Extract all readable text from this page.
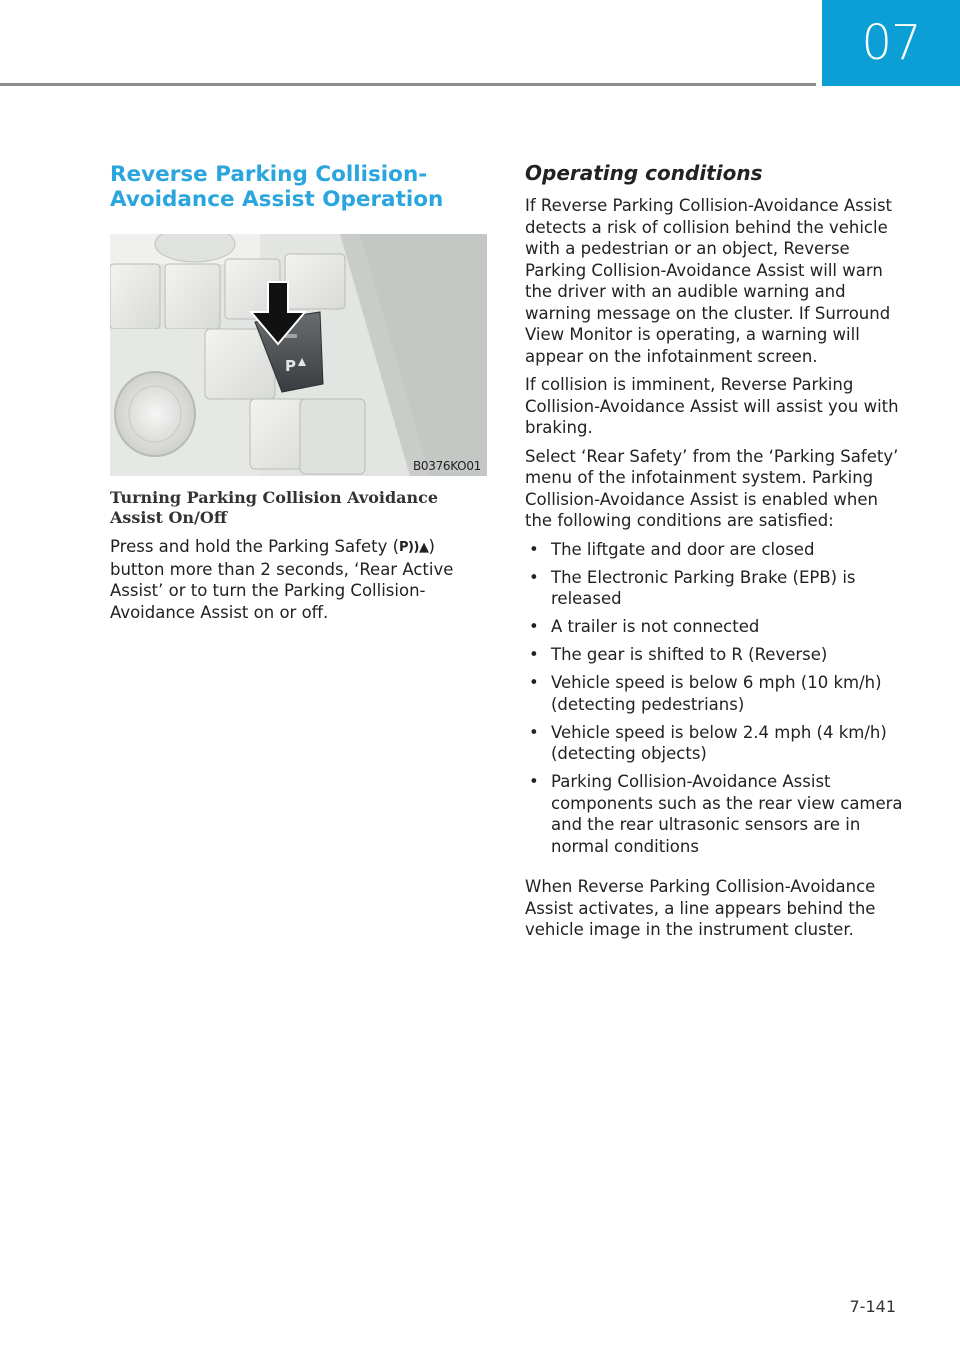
07
Reverse Parking Collision-
Avoidance Assist Operation
P
B0376KO01
Turning Parking Collision Avoidance Assist On/Off

Press and hold the Parking Safety (P))▲) button more than 2 seconds, ‘Rear Active Assist’ or to turn the Parking Collision-Avoidance Assist on or off.

Operating conditions

If Reverse Parking Collision-Avoidance Assist detects a risk of collision behind the vehicle with a pedestrian or an object, Reverse Parking Collision-Avoidance Assist will warn the driver with an audible warning and warning message on the cluster. If Surround View Monitor is operating, a warning will appear on the infotainment screen.

If collision is imminent, Reverse Parking Collision-Avoidance Assist will assist you with braking.

Select ‘Rear Safety’ from the ‘Parking Safety’ menu of the infotainment system. Parking Collision-Avoidance Assist is enabled when the following conditions are satisfied:

• The liftgate and door are closed
• The Electronic Parking Brake (EPB) is released
• A trailer is not connected
• The gear is shifted to R (Reverse)
• Vehicle speed is below 6 mph (10 km/h) (detecting pedestrians)
• Vehicle speed is below 2.4 mph (4 km/h) (detecting objects)
• Parking Collision-Avoidance Assist components such as the rear view camera and the rear ultrasonic sensors are in normal conditions

When Reverse Parking Collision-Avoidance Assist activates, a line appears behind the vehicle image in the instrument cluster.

7-141
